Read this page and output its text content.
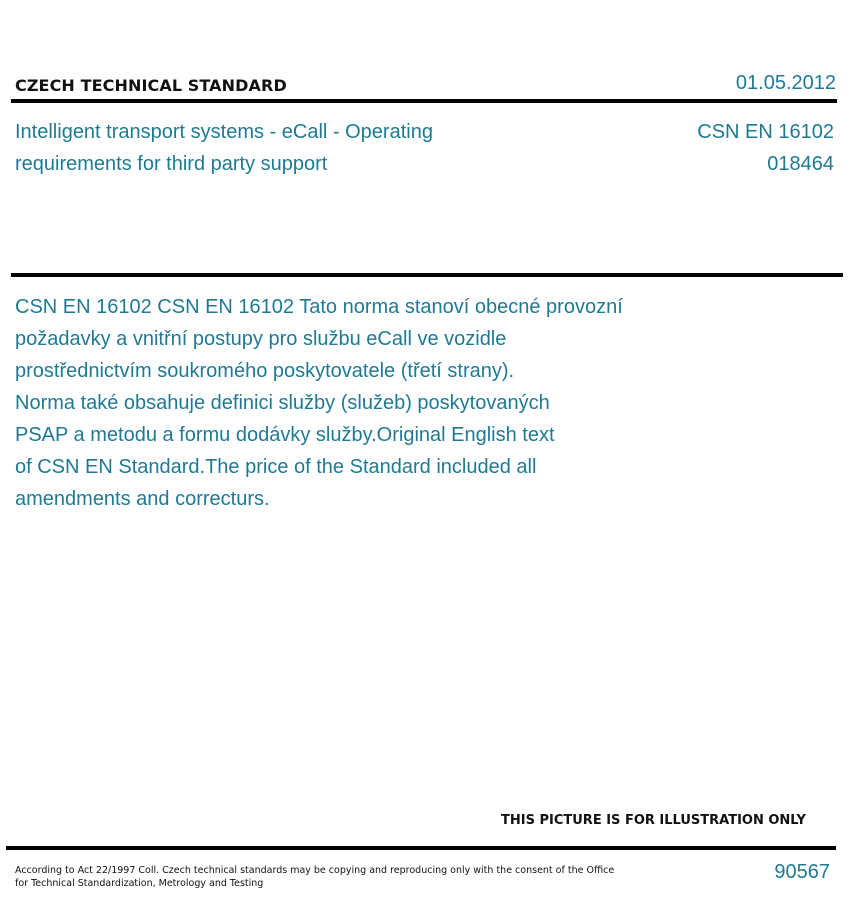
CZECH TECHNICAL STANDARD	01.05.2012
Intelligent transport systems - eCall - Operating
requirements for third party support
CSN EN 16102
018464
CSN EN 16102 CSN EN 16102 Tato norma stanoví obecné provozní
požadavky a vnitřní postupy pro službu eCall ve vozidle
prostřednictvím soukromého poskytovatele (třetí strany).
Norma také obsahuje definici služby (služeb) poskytovaných
PSAP a metodu a formu dodávky služby.Original English text
of CSN EN Standard.The price of the Standard included all
amendments and correcturs.
THIS PICTURE IS FOR ILLUSTRATION ONLY
According to Act 22/1997 Coll. Czech technical standards may be copying and reproducing only with the consent of the Office
for Technical Standardization, Metrology and Testing
90567
